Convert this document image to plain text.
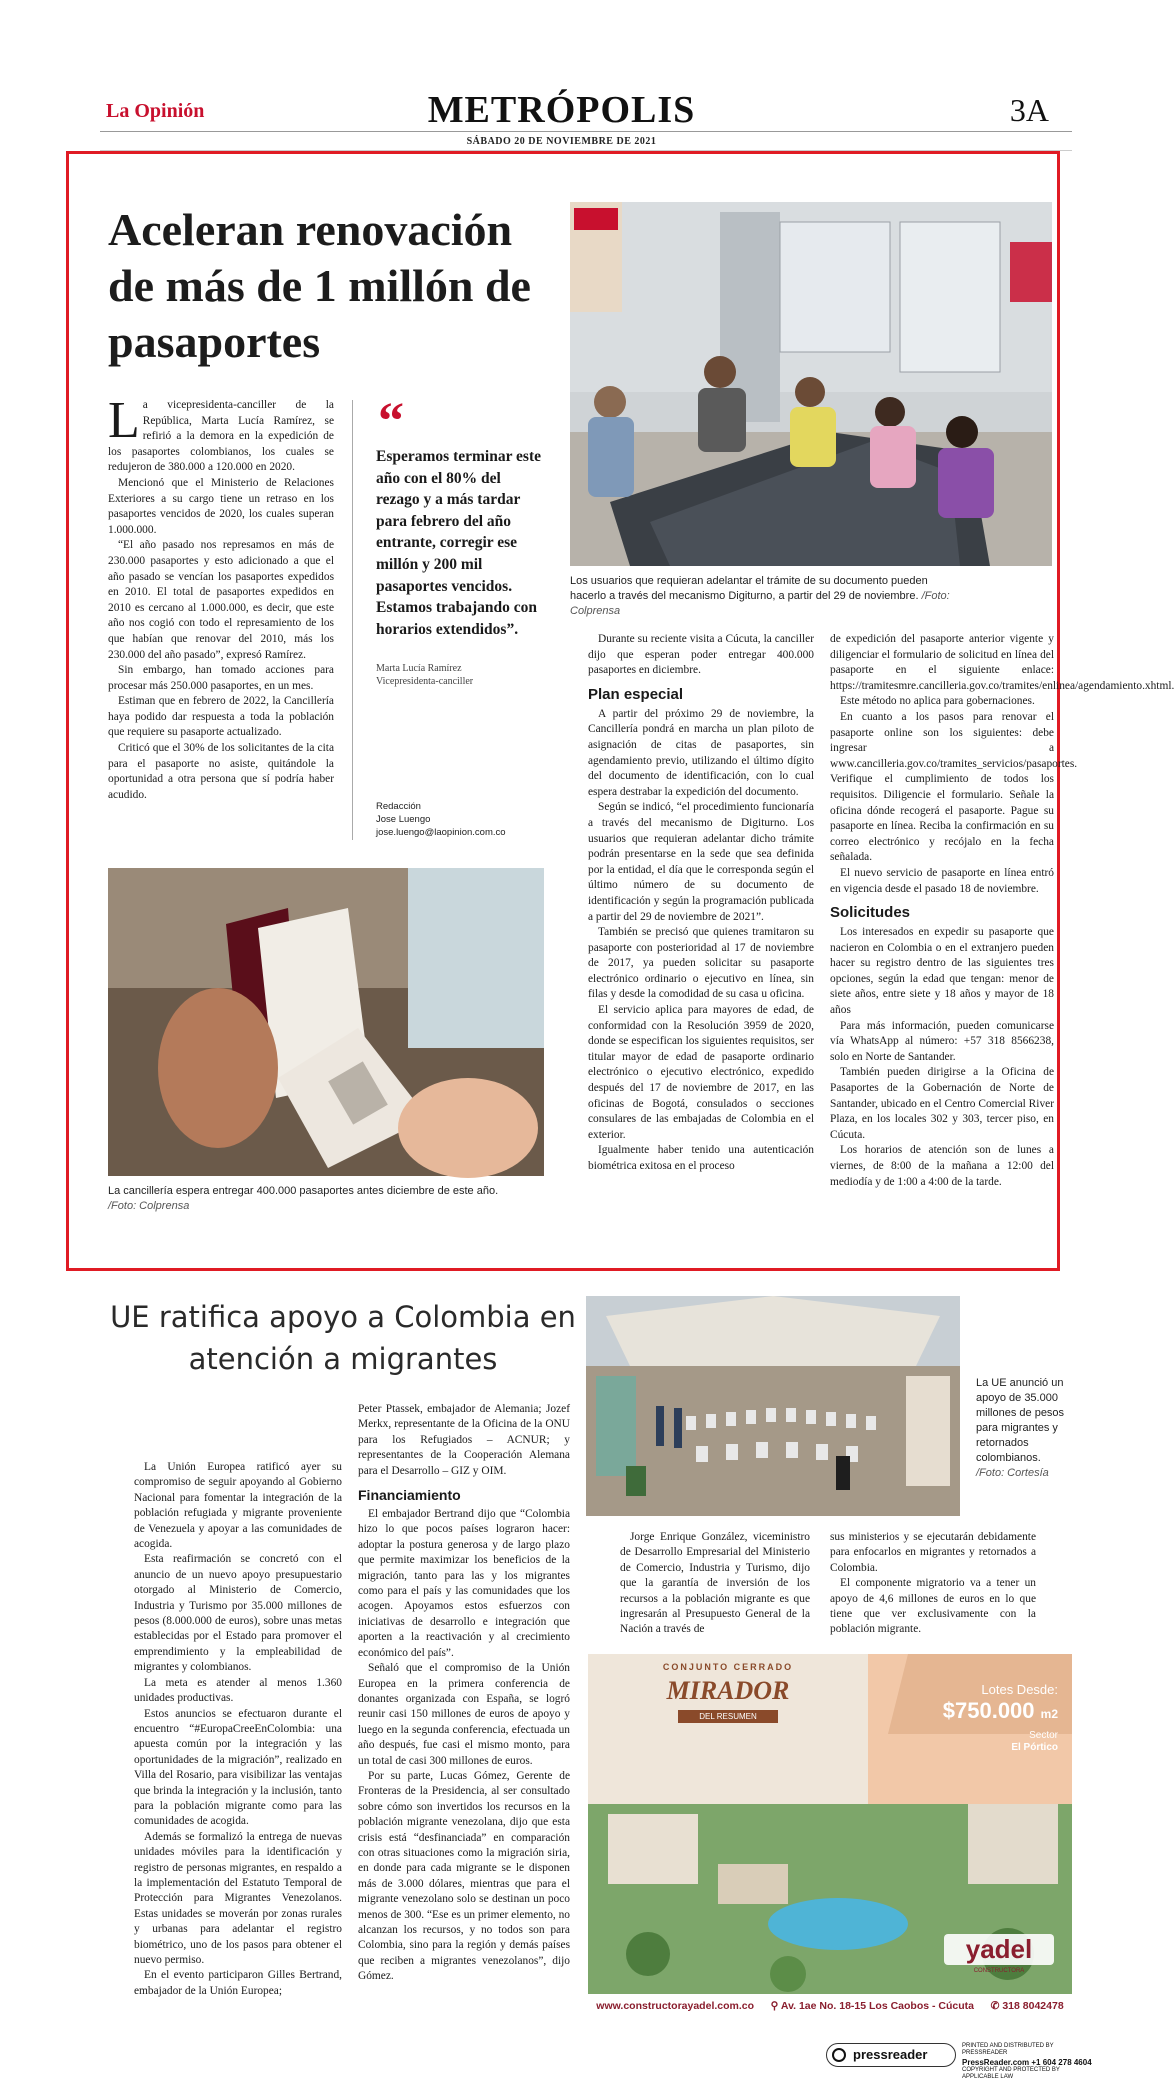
La Opinión	METRÓPOLIS	3A
SÁBADO 20 DE NOVIEMBRE DE 2021
Aceleran renovación de más de 1 millón de pasaportes

La vicepresidenta-canciller de la República, Marta Lucía Ramírez, se refirió a la demora en la expedición de los pasaportes colombianos, los cuales se redujeron de 380.000 a 120.000 en 2020.

Mencionó que el Ministerio de Relaciones Exteriores a su cargo tiene un retraso en los pasaportes vencidos de 2020, los cuales superan 1.000.000.

“El año pasado nos represamos en más de 230.000 pasaportes y esto adicionado a que el año pasado se vencían los pasaportes expedidos en 2010. El total de pasaportes expedidos en 2010 es cercano al 1.000.000, es decir, que este año nos cogió con todo el represamiento de los que habían que renovar del 2010, más los 230.000 del año pasado”, expresó Ramírez.

Sin embargo, han tomado acciones para procesar más 250.000 pasaportes, en un mes.

Estiman que en febrero de 2022, la Cancillería haya podido dar respuesta a toda la población que requiere su pasaporte actualizado.

Criticó que el 30% de los solicitantes de la cita para el pasaporte no asiste, quitándole la oportunidad a otra persona que sí podría haber acudido.

“
Esperamos terminar este año con el 80% del rezago y a más tardar para febrero del año entrante, corregir ese millón y 200 mil pasaportes vencidos. Estamos trabajando con horarios extendidos”.
Marta Lucía Ramírez
Vicepresidenta-canciller
Redacción
Jose Luengo
jose.luengo@laopinion.com.co
Los usuarios que requieran adelantar el trámite de su documento pueden hacerlo a través del mecanismo Digiturno, a partir del 29 de noviembre. /Foto: Colprensa
La cancillería espera entregar 400.000 pasaportes antes diciembre de este año. /Foto: Colprensa

Durante su reciente visita a Cúcuta, la canciller dijo que esperan poder entregar 400.000 pasaportes en diciembre.

Plan especial

A partir del próximo 29 de noviembre, la Cancillería pondrá en marcha un plan piloto de asignación de citas de pasaportes, sin agendamiento previo, utilizando el último dígito del documento de identificación, con lo cual espera destrabar la expedición del documento.

Según se indicó, “el procedimiento funcionaría a través del mecanismo de Digiturno. Los usuarios que requieran adelantar dicho trámite podrán presentarse en la sede que sea definida por la entidad, el día que le corresponda según el último número de su documento de identificación y según la programación publicada a partir del 29 de noviembre de 2021”.

También se precisó que quienes tramitaron su pasaporte con posterioridad al 17 de noviembre de 2017, ya pueden solicitar su pasaporte electrónico ordinario o ejecutivo en línea, sin filas y desde la comodidad de su casa u oficina.

El servicio aplica para mayores de edad, de conformidad con la Resolución 3959 de 2020, donde se especifican los siguientes requisitos, ser titular mayor de edad de pasaporte ordinario electrónico o ejecutivo electrónico, expedido después del 17 de noviembre de 2017, en las oficinas de Bogotá, consulados o secciones consulares de las embajadas de Colombia en el exterior.

Igualmente haber tenido una autenticación biométrica exitosa en el proceso

de expedición del pasaporte anterior vigente y diligenciar el formulario de solicitud en línea del pasaporte en el siguiente enlace: https://tramitesmre.cancilleria.gov.co/tramites/enlinea/agendamiento.xhtml.

Este método no aplica para gobernaciones.

En cuanto a los pasos para renovar el pasaporte online son los siguientes: debe ingresar a www.cancilleria.gov.co/tramites_servicios/pasaportes. Verifique el cumplimiento de todos los requisitos. Diligencie el formulario. Señale la oficina dónde recogerá el pasaporte. Pague su pasaporte en línea. Reciba la confirmación en su correo electrónico y recójalo en la fecha señalada.

El nuevo servicio de pasaporte en línea entró en vigencia desde el pasado 18 de noviembre.

Solicitudes

Los interesados en expedir su pasaporte que nacieron en Colombia o en el extranjero pueden hacer su registro dentro de las siguientes tres opciones, según la edad que tengan: menor de siete años, entre siete y 18 años y mayor de 18 años

Para más información, pueden comunicarse vía WhatsApp al número: +57 318 8566238, solo en Norte de Santander.

También pueden dirigirse a la Oficina de Pasaportes de la Gobernación de Norte de Santander, ubicado en el Centro Comercial River Plaza, en los locales 302 y 303, tercer piso, en Cúcuta.

Los horarios de atención son de lunes a viernes, de 8:00 de la mañana a 12:00 del mediodía y de 1:00 a 4:00 de la tarde.

UE ratifica apoyo a Colombia en atención a migrantes
La UE anunció un apoyo de 35.000 millones de pesos para migrantes y retornados colombianos. /Foto: Cortesía

La Unión Europea ratificó ayer su compromiso de seguir apoyando al Gobierno Nacional para fomentar la integración de la población refugiada y migrante proveniente de Venezuela y apoyar a las comunidades de acogida.

Esta reafirmación se concretó con el anuncio de un nuevo apoyo presupuestario otorgado al Ministerio de Comercio, Industria y Turismo por 35.000 millones de pesos (8.000.000 de euros), sobre unas metas establecidas por el Estado para promover el emprendimiento y la empleabilidad de migrantes y colombianos.

La meta es atender al menos 1.360 unidades productivas.

Estos anuncios se efectuaron durante el encuentro “#EuropaCreeEnColombia: una apuesta común por la integración y las oportunidades de la migración”, realizado en Villa del Rosario, para visibilizar las ventajas que brinda la integración y la inclusión, tanto para la población migrante como para las comunidades de acogida.

Además se formalizó la entrega de nuevas unidades móviles para la identificación y registro de personas migrantes, en respaldo a la implementación del Estatuto Temporal de Protección para Migrantes Venezolanos. Estas unidades se moverán por zonas rurales y urbanas para adelantar el registro biométrico, uno de los pasos para obtener el nuevo permiso.

En el evento participaron Gilles Bertrand, embajador de la Unión Europea;

Peter Ptassek, embajador de Alemania; Jozef Merkx, representante de la Oficina de la ONU para los Refugiados – ACNUR; y representantes de la Cooperación Alemana para el Desarrollo – GIZ y OIM.

Financiamiento

El embajador Bertrand dijo que “Colombia hizo lo que pocos países lograron hacer: adoptar la postura generosa y de largo plazo que permite maximizar los beneficios de la migración, tanto para las y los migrantes como para el país y las comunidades que los acogen. Apoyamos estos esfuerzos con iniciativas de desarrollo e integración que aporten a la reactivación y al crecimiento económico del país”.

Señaló que el compromiso de la Unión Europea en la primera conferencia de donantes organizada con España, se logró reunir casi 150 millones de euros de apoyo y luego en la segunda conferencia, efectuada un año después, fue casi el mismo monto, para un total de casi 300 millones de euros.

Por su parte, Lucas Gómez, Gerente de Fronteras de la Presidencia, al ser consultado sobre cómo son invertidos los recursos en la población migrante venezolana, dijo que esta crisis está “desfinanciada” en comparación con otras situaciones como la migración siria, en donde para cada migrante se le disponen más de 3.000 dólares, mientras que para el migrante venezolano solo se destinan un poco menos de 300. “Ese es un primer elemento, no alcanzan los recursos, y no todos son para Colombia, sino para la región y demás países que reciben a migrantes venezolanos”, dijo Gómez.

Jorge Enrique González, viceministro de Desarrollo Empresarial del Ministerio de Comercio, Industria y Turismo, dijo que la garantía de inversión de los recursos a la población migrante es que ingresarán al Presupuesto General de la Nación a través de

sus ministerios y se ejecutarán debidamente para enfocarlos en migrantes y retornados a Colombia.

El componente migratorio va a tener un apoyo de 4,6 millones de euros en lo que tiene que ver exclusivamente con la población migrante.

CONJUNTO CERRADO
MIRADOR
DEL RESUMEN
Lotes Desde:
$750.000 m2
Sector
El Pórtico
yadel
CONSTRUCTORA
www.constructorayadel.com.co ⚲ Av. 1ae No. 18-15 Los Caobos - Cúcuta ✆ 318 8042478
pressreader
PRINTED AND DISTRIBUTED BY PRESSREADER
PressReader.com +1 604 278 4604
COPYRIGHT AND PROTECTED BY APPLICABLE LAW
